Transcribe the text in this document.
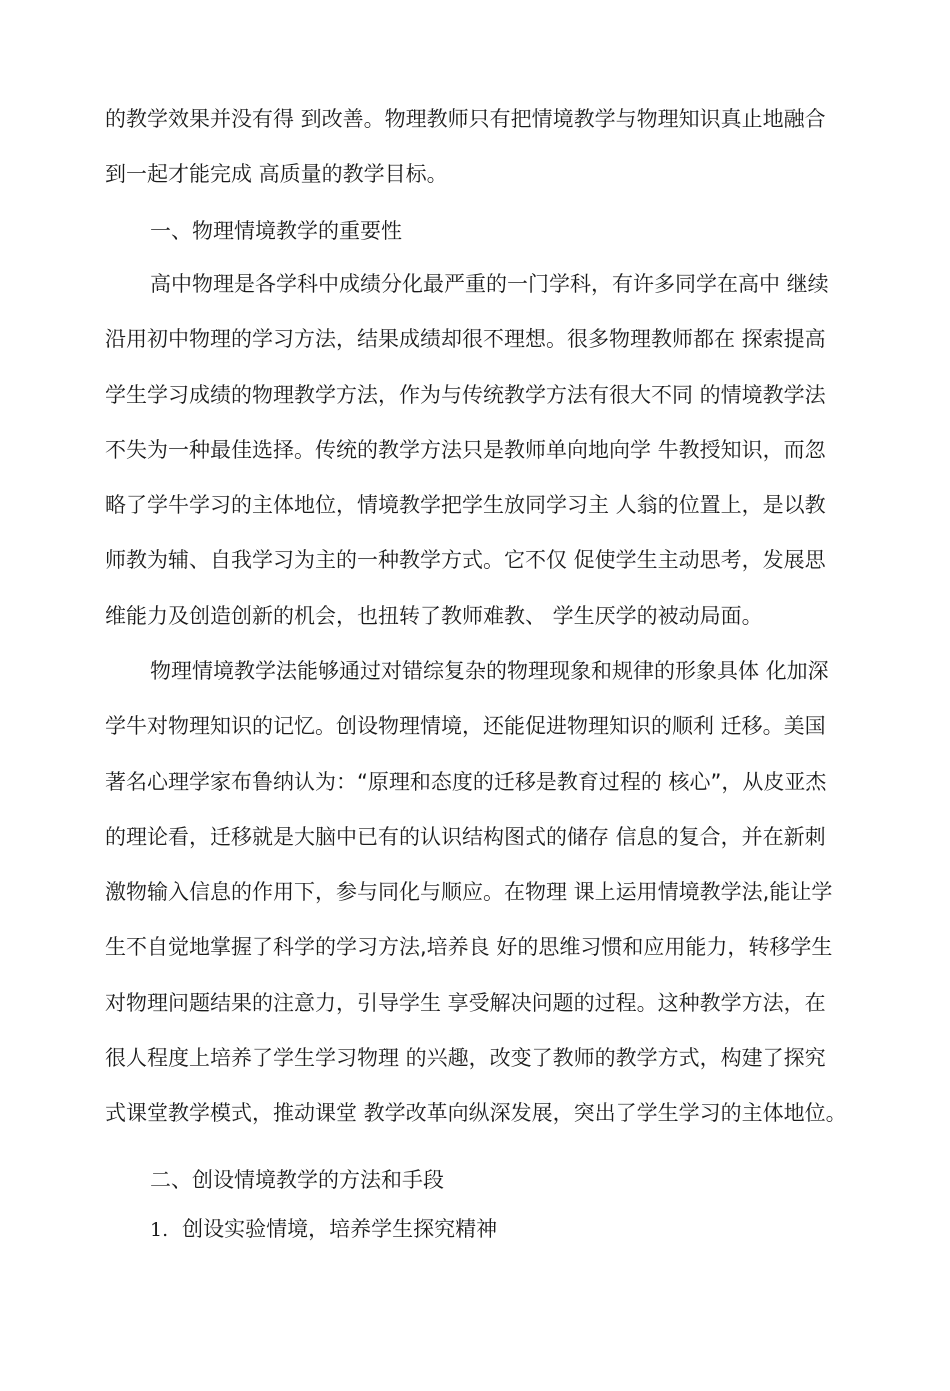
的教学效果并没有得 到改善。物理教师只有把情境教学与物理知识真止地融合
到一起才能完成 高质量的教学目标。
一、物理情境教学的重要性
高中物理是各学科中成绩分化最严重的一门学科，有许多同学在高中 继续
沿用初中物理的学习方法，结果成绩却很不理想。很多物理教师都在 探索提高
学生学习成绩的物理教学方法，作为与传统教学方法有很大不同 的情境教学法
不失为一种最佳选择。传统的教学方法只是教师单向地向学 牛教授知识，而忽
略了学牛学习的主体地位，情境教学把学生放同学习主 人翁的位置上，是以教
师教为辅、自我学习为主的一种教学方式。它不仅 促使学生主动思考，发展思
维能力及创造创新的机会，也扭转了教师难教、 学生厌学的被动局面。
物理情境教学法能够通过对错综复杂的物理现象和规律的形象具体 化加深
学牛对物理知识的记忆。创设物理情境，还能促进物理知识的顺利 迁移。美国
著名心理学家布鲁纳认为：“原理和态度的迁移是教育过程的 核心”，从皮亚杰
的理论看，迁移就是大脑中已有的认识结构图式的储存 信息的复合，并在新刺
激物输入信息的作用下，参与同化与顺应。在物理 课上运用情境教学法,能让学
生不自觉地掌握了科学的学习方法,培养良 好的思维习惯和应用能力，转移学生
对物理问题结果的注意力，引导学生 享受解决问题的过程。这种教学方法，在
很人程度上培养了学生学习物理 的兴趣，改变了教师的教学方式，构建了探究
式课堂教学模式，推动课堂 教学改革向纵深发展，突出了学生学习的主体地位。
二、创设情境教学的方法和手段
1. 创设实验情境，培养学生探究精神
